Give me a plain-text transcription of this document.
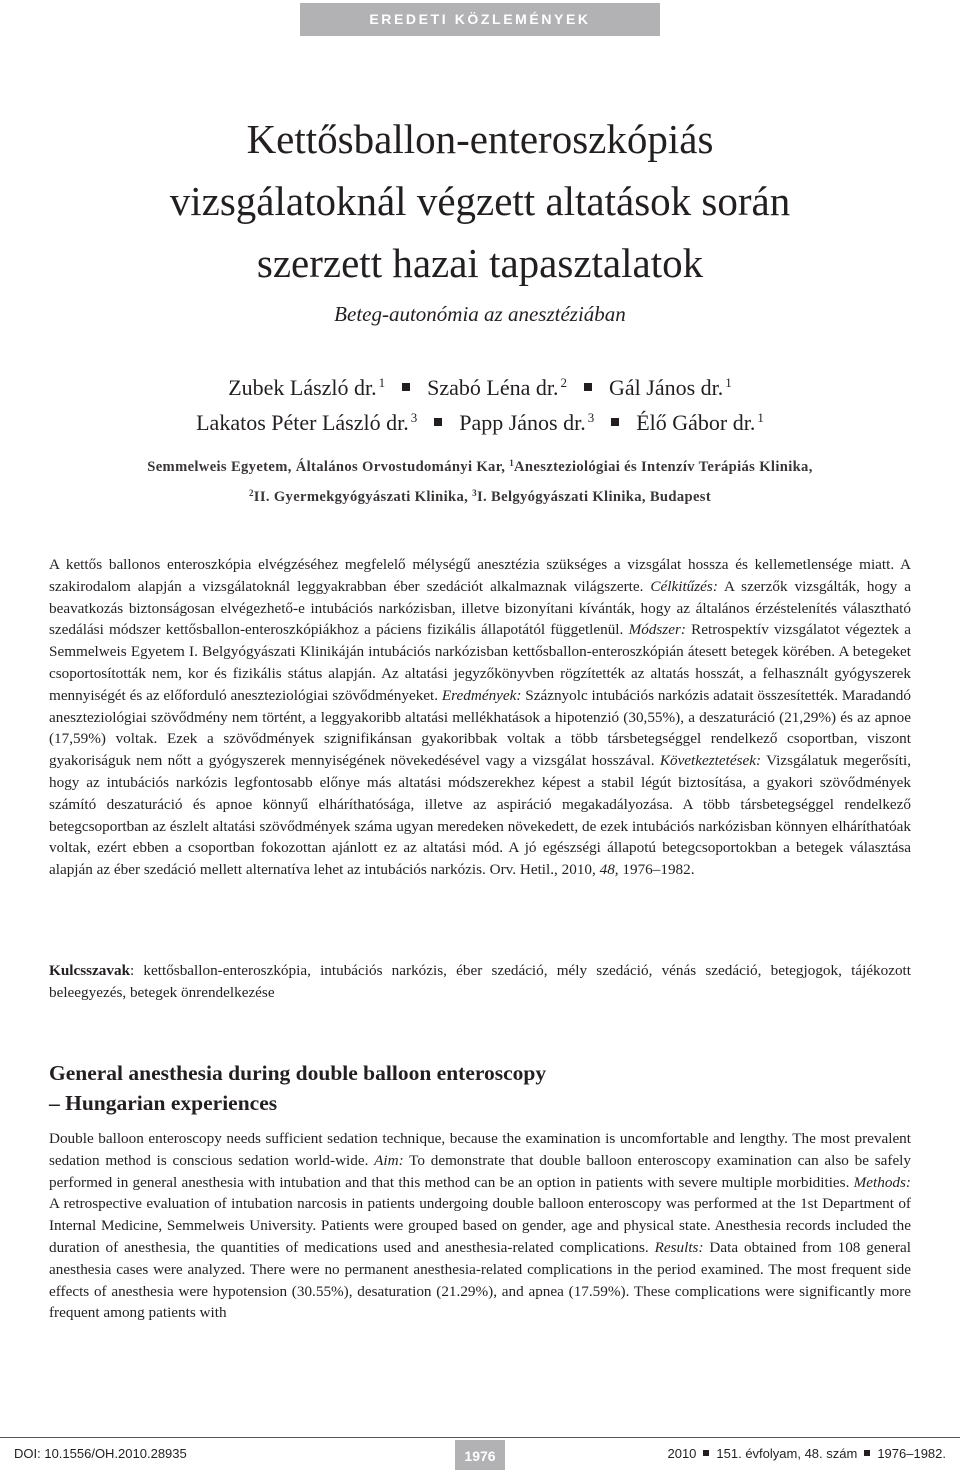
EREDETI KÖZLEMÉNYEK
Kettősballon-enteroszkópiás
vizsgálatoknál végzett altatások során
szerzett hazai tapasztalatok

Beteg-autonómia az anesztéziában

Zubek László dr. $^1$ Szabó Léna dr. $^2$ Gál János dr. $^1$
Lakatos Péter László dr. $^3$ Papp János dr. $^3$ Élő Gábor dr. $^1$
Semmelweis Egyetem, Általános Orvostudományi Kar, $^1$Aneszteziológiai és Intenzív Terápiás Klinika,
$^2$II. Gyermekgyógyászati Klinika, $^3$I. Belgyógyászati Klinika, Budapest

A kettős ballonos enteroszkópia elvégzéséhez megfelelő mélységű anesztézia szükséges a vizsgálat hossza és kellemetlensége miatt. A szakirodalom alapján a vizsgálatoknál leggyakrabban éber szedációt alkalmaznak világszerte. Célkitűzés: A szerzők vizsgálták, hogy a beavatkozás biztonságosan elvégezhető-e intubációs narkózisban, illetve bizonyítani kívánták, hogy az általános érzéstelenítés választható szedálási módszer kettősballon-enteroszkópiákhoz a páciens fizikális állapotától függetlenül. Módszer: Retrospektív vizsgálatot végeztek a Semmelweis Egyetem I. Belgyógyászati Klinikáján intubációs narkózisban kettősballon-enteroszkópián átesett betegek körében. A betegeket csoportosították nem, kor és fizikális státus alapján. Az altatási jegyzőkönyvben rögzítették az altatás hosszát, a felhasznált gyógyszerek mennyiségét és az előforduló aneszteziológiai szövődményeket. Eredmények: Száznyolc intubációs narkózis adatait összesítették. Maradandó aneszteziológiai szövődmény nem történt, a leggyakoribb altatási mellékhatások a hipotenzió (30,55%), a deszaturáció (21,29%) és az apnoe (17,59%) voltak. Ezek a szövődmények szignifikánsan gyakoribbak voltak a több társbetegséggel rendelkező csoportban, viszont gyakoriságuk nem nőtt a gyógyszerek mennyiségének növekedésével vagy a vizsgálat hosszával. Következtetések: Vizsgálatuk megerősíti, hogy az intubációs narkózis legfontosabb előnye más altatási módszerekhez képest a stabil légút biztosítása, a gyakori szövődmények számító deszaturáció és apnoe könnyű elháríthatósága, illetve az aspiráció megakadályozása. A több társbetegséggel rendelkező betegcsoportban az észlelt altatási szövődmények száma ugyan meredeken növekedett, de ezek intubációs narkózisban könnyen elháríthatóak voltak, ezért ebben a csoportban fokozottan ajánlott ez az altatási mód. A jó egészségi állapotú betegcsoportokban a betegek választása alapján az éber szedáció mellett alternatíva lehet az intubációs narkózis. Orv. Hetil., 2010, 48, 1976–1982.

Kulcsszavak: kettősballon-enteroszkópia, intubációs narkózis, éber szedáció, mély szedáció, vénás szedáció, betegjogok, tájékozott beleegyezés, betegek önrendelkezése

General anesthesia during double balloon enteroscopy
– Hungarian experiences

Double balloon enteroscopy needs sufficient sedation technique, because the examination is uncomfortable and lengthy. The most prevalent sedation method is conscious sedation world-wide. Aim: To demonstrate that double balloon enteroscopy examination can also be safely performed in general anesthesia with intubation and that this method can be an option in patients with severe multiple morbidities. Methods: A retrospective evaluation of intubation narcosis in patients undergoing double balloon enteroscopy was performed at the 1st Department of Internal Medicine, Semmelweis University. Patients were grouped based on gender, age and physical state. Anesthesia records included the duration of anesthesia, the quantities of medications used and anesthesia-related complications. Results: Data obtained from 108 general anesthesia cases were analyzed. There were no permanent anesthesia-related complications in the period examined. The most frequent side effects of anesthesia were hypotension (30.55%), desaturation (21.29%), and apnea (17.59%). These complications were significantly more frequent among patients with

DOI: 10.1556/OH.2010.28935	1976	2010 151. évfolyam, 48. szám 1976–1982.
